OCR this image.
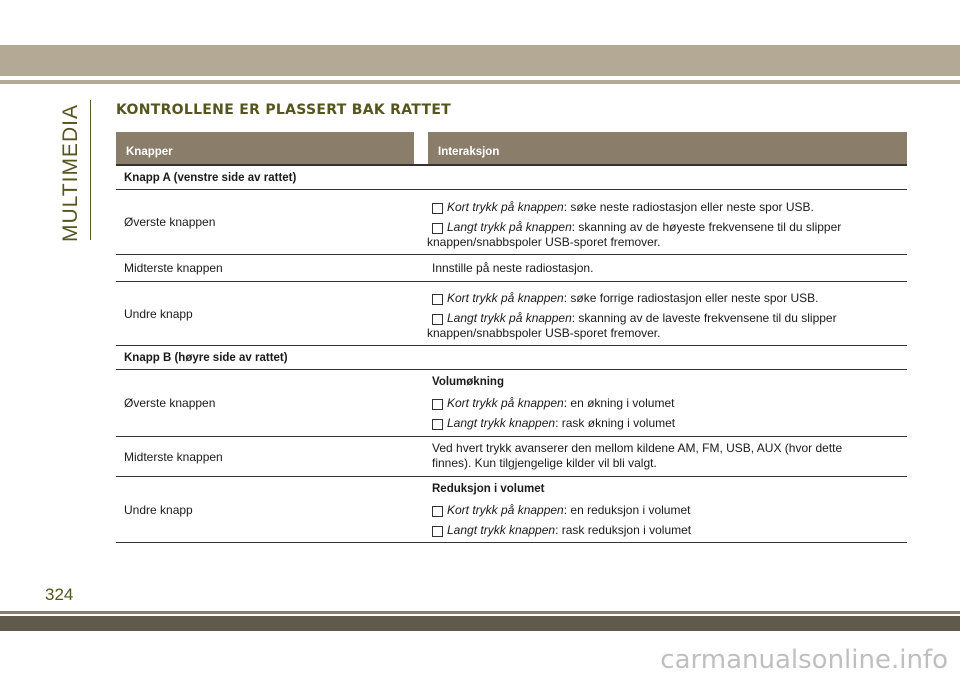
MULTIMEDIA KONTROLLENE ER PLASSERT BAK RATTET
Knapper	Interaksjon
Knapp A (venstre side av rattet)
Øverste knappen
Kort trykk på knappen: søke neste radiostasjon eller neste spor USB.
Langt trykk på knappen: skanning av de høyeste frekvensene til du slipper
knappen/snabbspoler USB-sporet fremover.
Midterste knappen	Innstille på neste radiostasjon.
Undre knapp
Kort trykk på knappen: søke forrige radiostasjon eller neste spor USB.
Langt trykk på knappen: skanning av de laveste frekvensene til du slipper
knappen/snabbspoler USB-sporet fremover.
Knapp B (høyre side av rattet)
Øverste knappen
Volumøkning
Kort trykk på knappen: en økning i volumet
Langt trykk knappen: rask økning i volumet
Midterste knappen
Ved hvert trykk avanserer den mellom kildene AM, FM, USB, AUX (hvor dette
finnes). Kun tilgjengelige kilder vil bli valgt.
Undre knapp
Reduksjon i volumet
Kort trykk på knappen: en reduksjon i volumet
Langt trykk knappen: rask reduksjon i volumet
324
carmanualsonline.info
